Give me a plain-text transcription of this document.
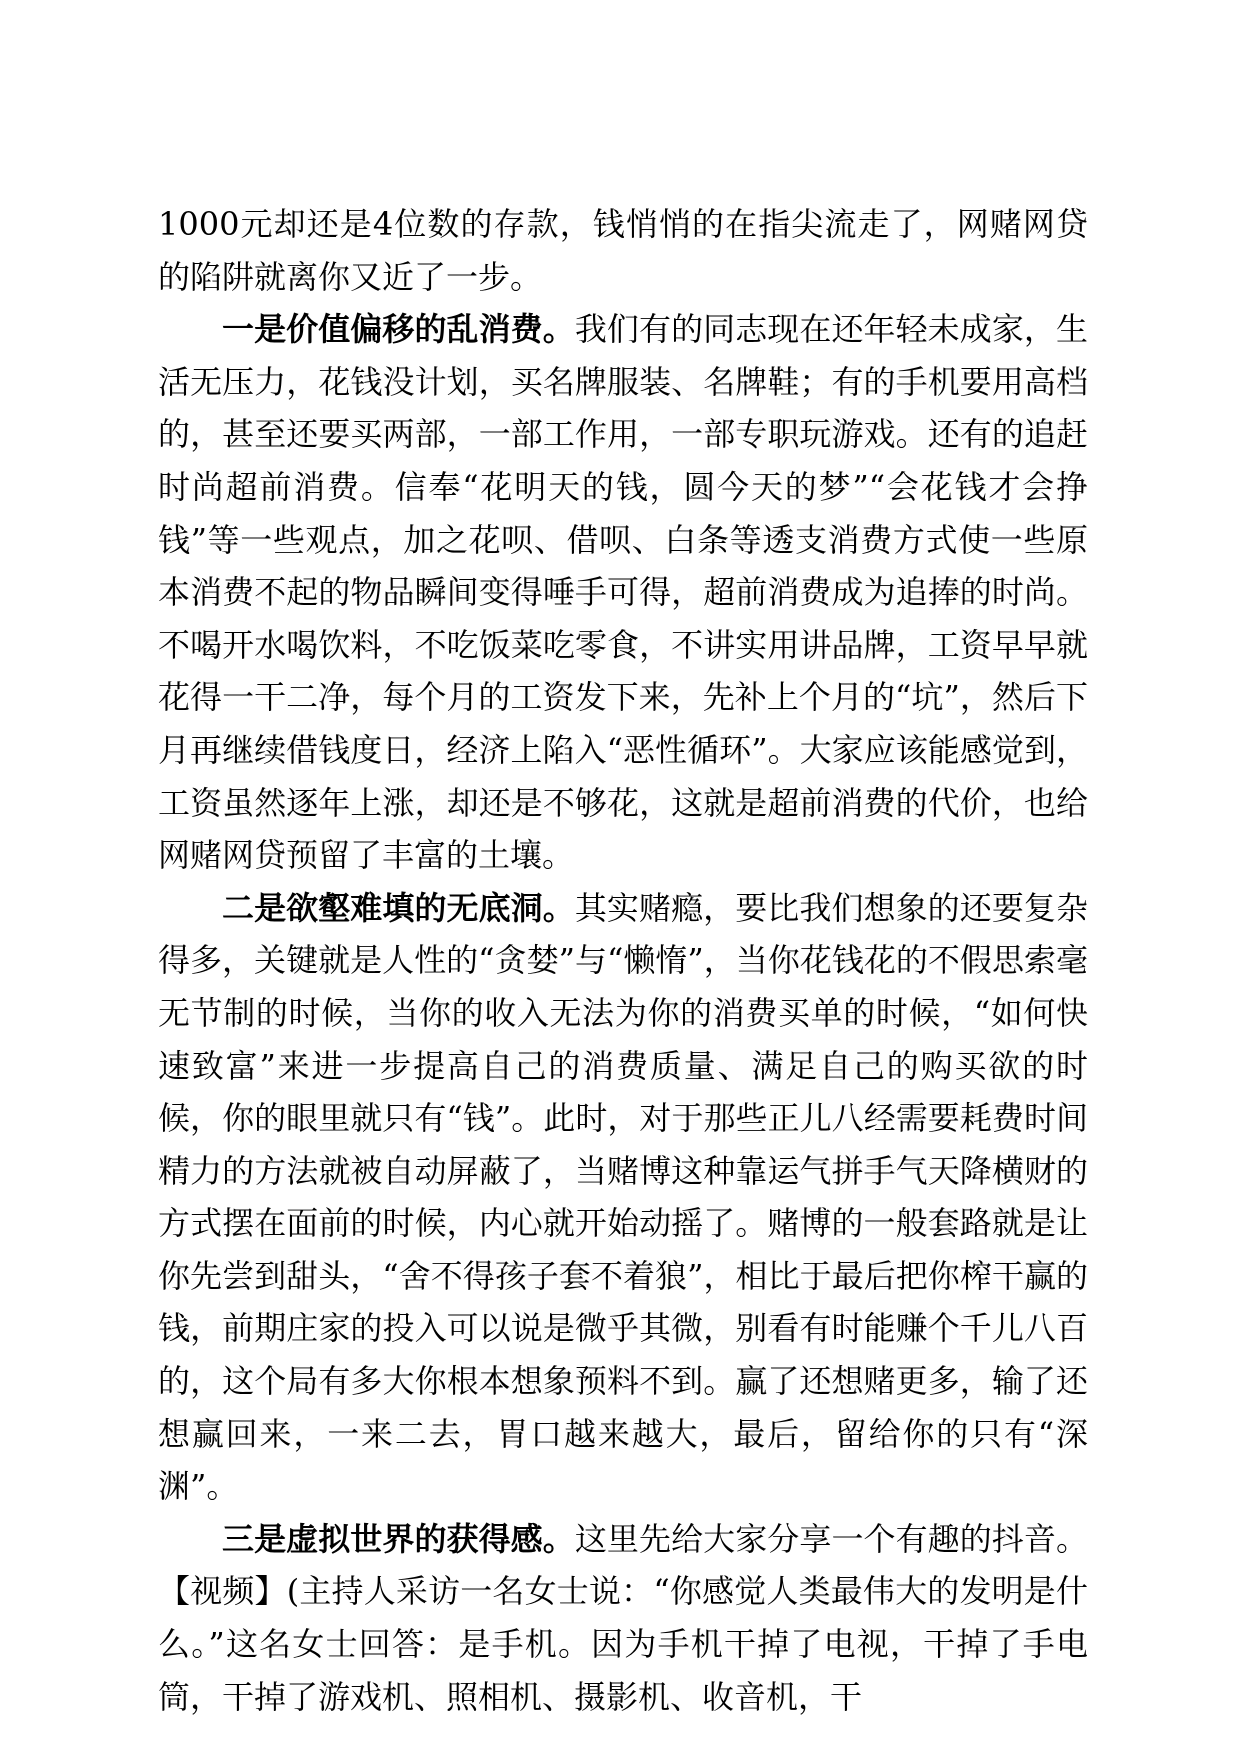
1000元却还是4位数的存款，钱悄悄的在指尖流走了，网赌网贷的陷阱就离你又近了一步。

一是价值偏移的乱消费。我们有的同志现在还年轻未成家，生活无压力，花钱没计划，买名牌服装、名牌鞋；有的手机要用高档的，甚至还要买两部，一部工作用，一部专职玩游戏。还有的追赶时尚超前消费。信奉“花明天的钱，圆今天的梦”“会花钱才会挣钱”等一些观点，加之花呗、借呗、白条等透支消费方式使一些原本消费不起的物品瞬间变得唾手可得，超前消费成为追捧的时尚。不喝开水喝饮料，不吃饭菜吃零食，不讲实用讲品牌，工资早早就花得一干二净，每个月的工资发下来，先补上个月的“坑”，然后下月再继续借钱度日，经济上陷入“恶性循环”。大家应该能感觉到，工资虽然逐年上涨，却还是不够花，这就是超前消费的代价，也给网赌网贷预留了丰富的土壤。

二是欲壑难填的无底洞。其实赌瘾，要比我们想象的还要复杂得多，关键就是人性的“贪婪”与“懒惰”，当你花钱花的不假思索毫无节制的时候，当你的收入无法为你的消费买单的时候，“如何快速致富”来进一步提高自己的消费质量、满足自己的购买欲的时候，你的眼里就只有“钱”。此时，对于那些正儿八经需要耗费时间精力的方法就被自动屏蔽了，当赌博这种靠运气拼手气天降横财的方式摆在面前的时候，内心就开始动摇了。赌博的一般套路就是让你先尝到甜头，“舍不得孩子套不着狼”，相比于最后把你榨干赢的钱，前期庄家的投入可以说是微乎其微，别看有时能赚个千儿八百的，这个局有多大你根本想象预料不到。赢了还想赌更多，输了还想赢回来，一来二去，胃口越来越大，最后，留给你的只有“深渊”。

三是虚拟世界的获得感。这里先给大家分享一个有趣的抖音。【视频】(主持人采访一名女士说：“你感觉人类最伟大的发明是什么。”这名女士回答：是手机。因为手机干掉了电视，干掉了手电筒，干掉了游戏机、照相机、摄影机、收音机，干
